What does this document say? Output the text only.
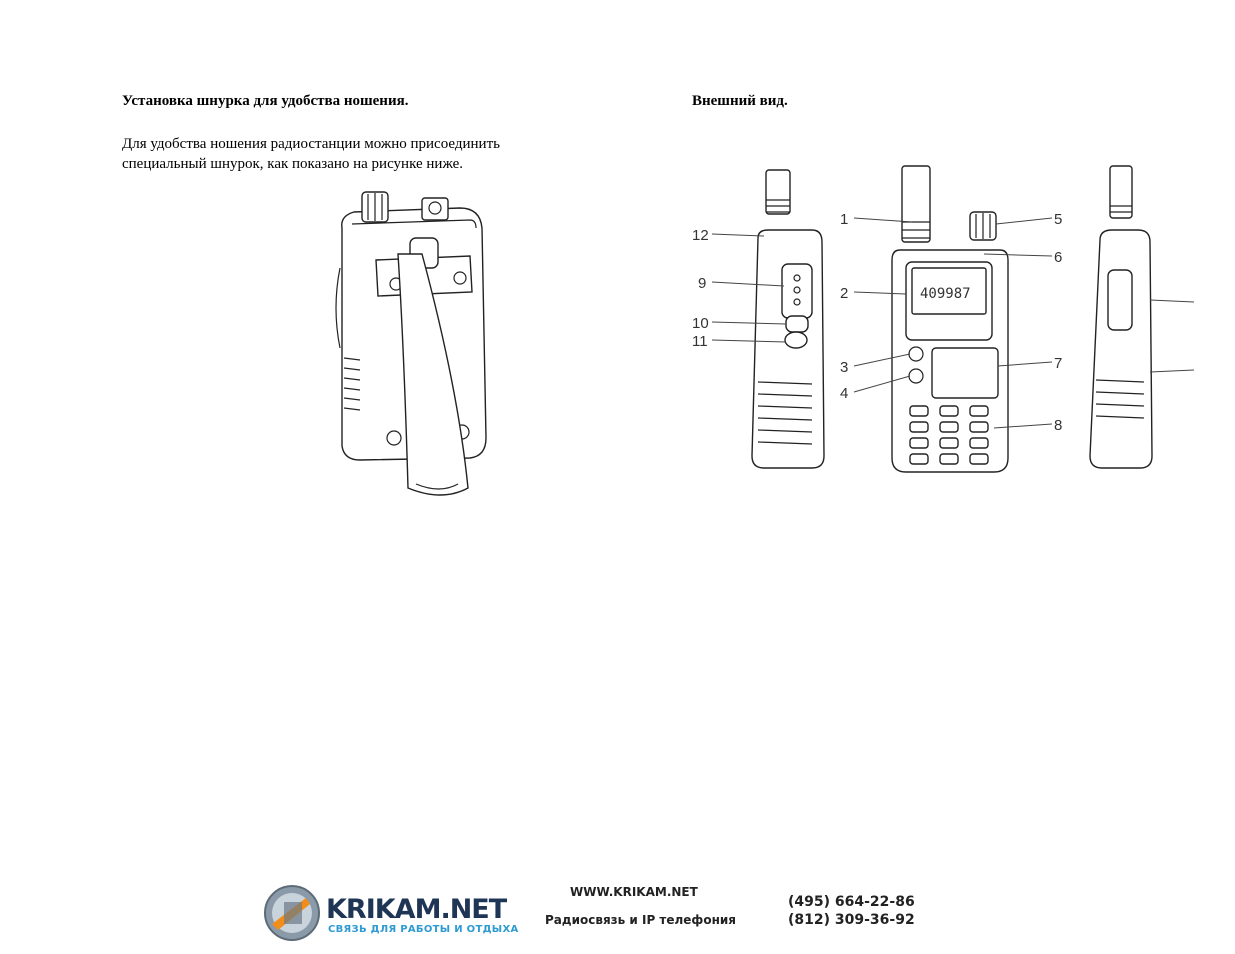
Установка шнурка для удобства ношения.

Для удобства ношения радиостанции можно присоединить
специальный шнурок, как показано на рисунке ниже.

Внешний вид.
409987
1
2
3
4
5
6
7
8
9
10
11
12
KRIKAM.NET
СВЯЗЬ ДЛЯ РАБОТЫ И ОТДЫХА
WWW.KRIKAM.NET
Радиосвязь и IP телефония
(495) 664-22-86
(812) 309-36-92
